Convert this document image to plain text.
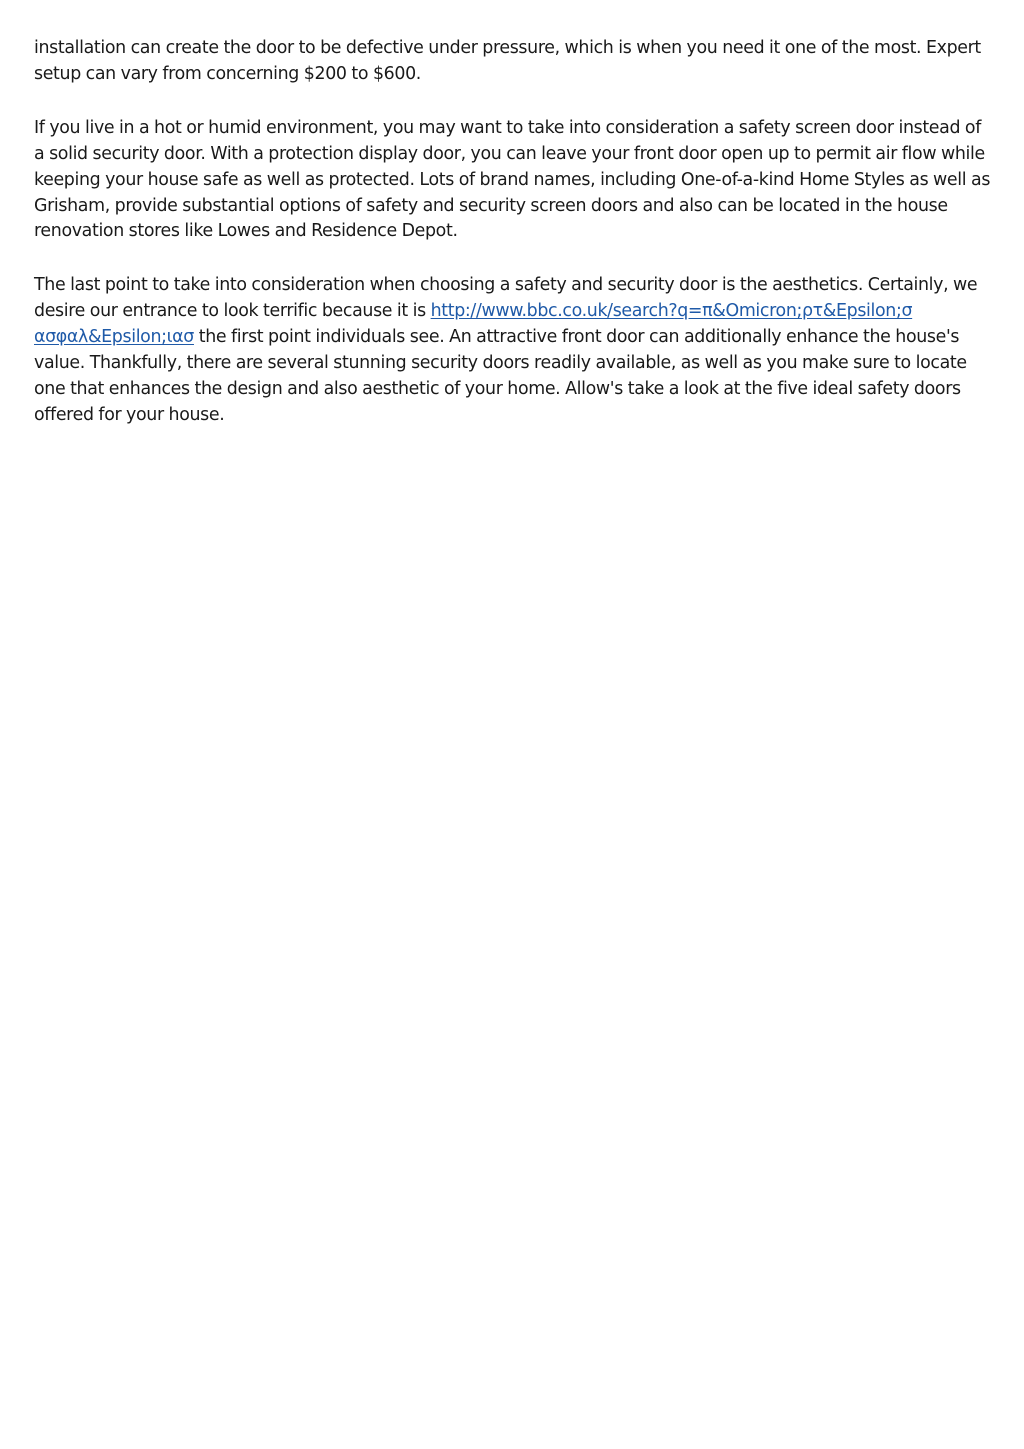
installation can create the door to be defective under pressure, which is when you need it one of the most. Expert setup can vary from concerning $200 to $600.

If you live in a hot or humid environment, you may want to take into consideration a safety screen door instead of a solid security door. With a protection display door, you can leave your front door open up to permit air flow while keeping your house safe as well as protected. Lots of brand names, including One-of-a-kind Home Styles as well as Grisham, provide substantial options of safety and security screen doors and also can be located in the house renovation stores like Lowes and Residence Depot.

The last point to take into consideration when choosing a safety and security door is the aesthetics. Certainly, we desire our entrance to look terrific because it is http://www.bbc.co.uk/search?q=π&Omicron;ρτ&Epsilon;σ ασφαλ&Epsilon;ιασ the first point individuals see. An attractive front door can additionally enhance the house's value. Thankfully, there are several stunning security doors readily available, as well as you make sure to locate one that enhances the design and also aesthetic of your home. Allow's take a look at the five ideal safety doors offered for your house.
